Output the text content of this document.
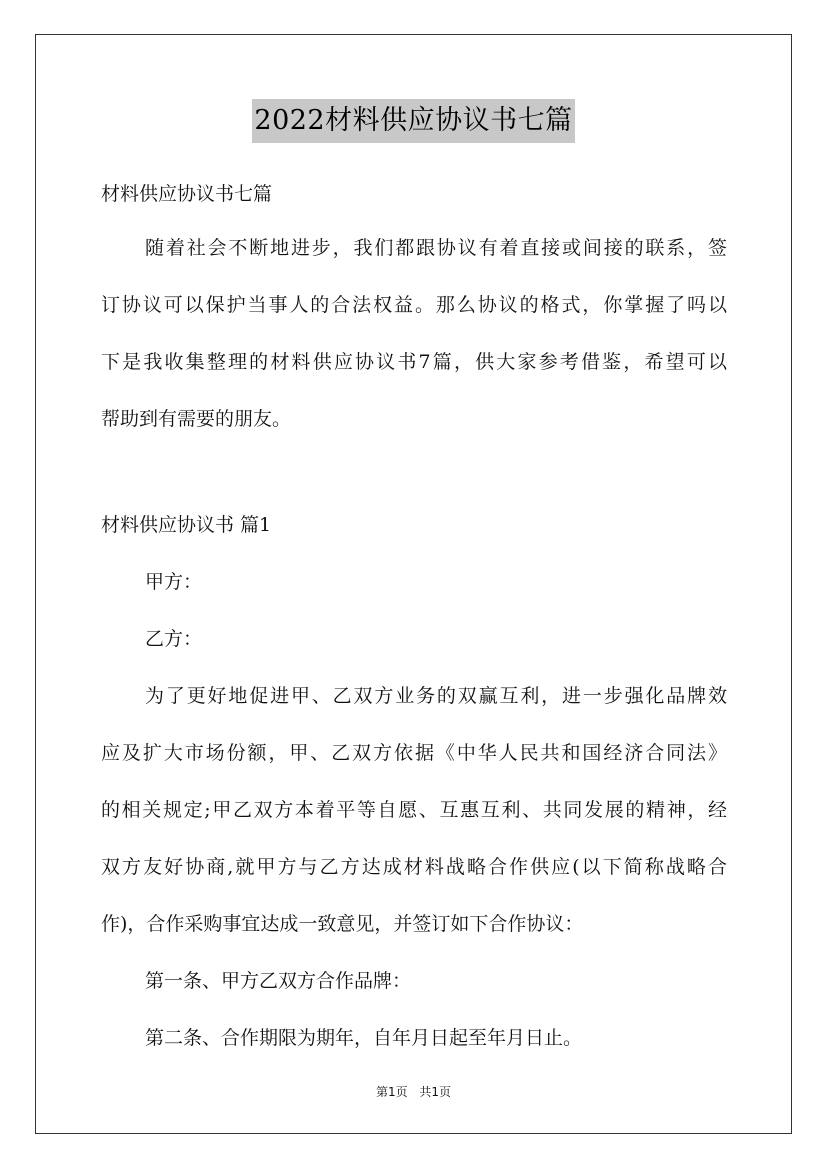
2022材料供应协议书七篇
材料供应协议书七篇
随着社会不断地进步，我们都跟协议有着直接或间接的联系，签
订协议可以保护当事人的合法权益。那么协议的格式，你掌握了吗以
下是我收集整理的材料供应协议书7篇，供大家参考借鉴，希望可以
帮助到有需要的朋友。
材料供应协议书 篇1
甲方：
乙方：
为了更好地促进甲、乙双方业务的双赢互利，进一步强化品牌效
应及扩大市场份额，甲、乙双方依据《中华人民共和国经济合同法》
的相关规定;甲乙双方本着平等自愿、互惠互利、共同发展的精神，经
双方友好协商,就甲方与乙方达成材料战略合作供应(以下简称战略合
作)，合作采购事宜达成一致意见，并签订如下合作协议：
第一条、甲方乙双方合作品牌：
第二条、合作期限为期年，自年月日起至年月日止。
第1页 共1页
